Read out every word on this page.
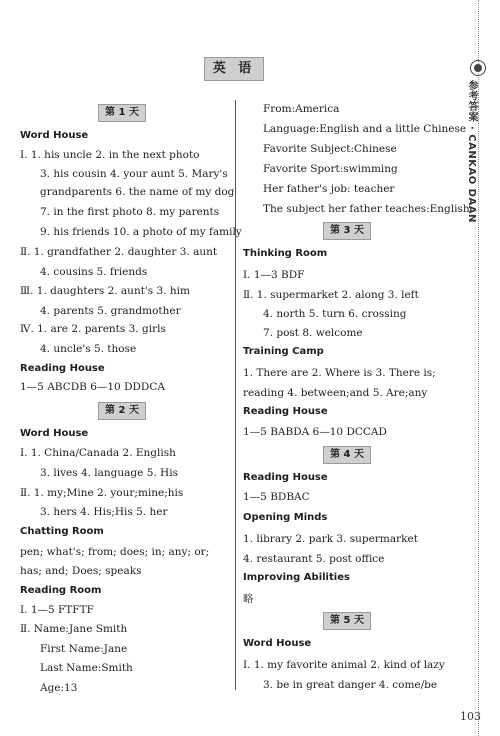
参考答案 · CANKAO DAAN
英 语
第 1 天
Word House
Ⅰ. 1. his uncle 2. in the next photo
3. his cousin 4. your aunt 5. Mary's
grandparents 6. the name of my dog
7. in the first photo 8. my parents
9. his friends 10. a photo of my family
Ⅱ. 1. grandfather 2. daughter 3. aunt
4. cousins 5. friends
Ⅲ. 1. daughters 2. aunt's 3. him
4. parents 5. grandmother
Ⅳ. 1. are 2. parents 3. girls
4. uncle's 5. those
Reading House
1—5 ABCDB 6—10 DDDCA
第 2 天
Word House
Ⅰ. 1. China/Canada 2. English
3. lives 4. language 5. His
Ⅱ. 1. my;Mine 2. your;mine;his
3. hers 4. His;His 5. her
Chatting Room
pen; what's; from; does; in; any; or;
has; and; Does; speaks
Reading Room
Ⅰ. 1—5 FTFTF
Ⅱ. Name:Jane Smith
First Name:Jane
Last Name:Smith
Age:13
From:America
Language:English and a little Chinese
Favorite Subject:Chinese
Favorite Sport:swimming
Her father's job: teacher
The subject her father teaches:English
第 3 天
Thinking Room
Ⅰ. 1—3 BDF
Ⅱ. 1. supermarket 2. along 3. left
4. north 5. turn 6. crossing
7. post 8. welcome
Training Camp
1. There are 2. Where is 3. There is;
reading 4. between;and 5. Are;any
Reading House
1—5 BABDA 6—10 DCCAD
第 4 天
Reading House
1—5 BDBAC
Opening Minds
1. library 2. park 3. supermarket
4. restaurant 5. post office
Improving Abilities
略
第 5 天
Word House
Ⅰ. 1. my favorite animal 2. kind of lazy
3. be in great danger 4. come/be
103
